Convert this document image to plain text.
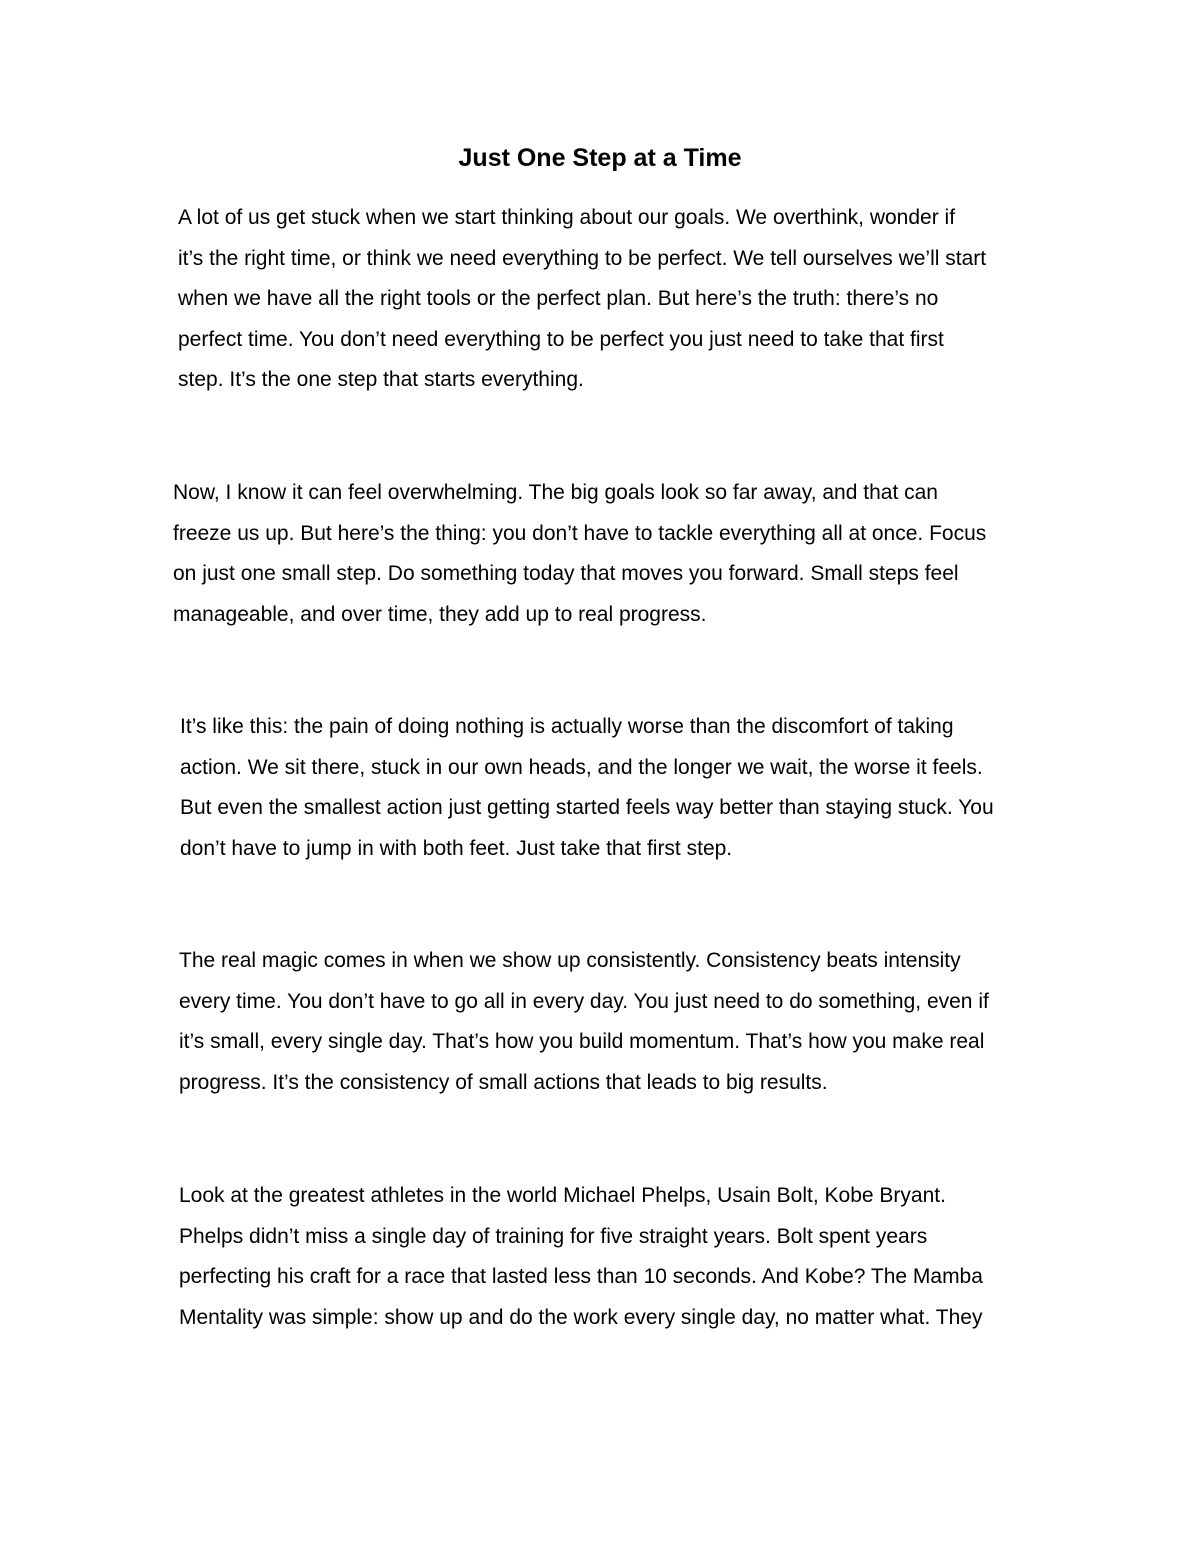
Just One Step at a Time

A lot of us get stuck when we start thinking about our goals. We overthink, wonder if
it’s the right time, or think we need everything to be perfect. We tell ourselves we’ll start
when we have all the right tools or the perfect plan. But here’s the truth: there’s no
perfect time. You don’t need everything to be perfect you just need to take that first
step. It’s the one step that starts everything.

Now, I know it can feel overwhelming. The big goals look so far away, and that can
freeze us up. But here’s the thing: you don’t have to tackle everything all at once. Focus
on just one small step. Do something today that moves you forward. Small steps feel
manageable, and over time, they add up to real progress.

It’s like this: the pain of doing nothing is actually worse than the discomfort of taking
action. We sit there, stuck in our own heads, and the longer we wait, the worse it feels.
But even the smallest action just getting started feels way better than staying stuck. You
don’t have to jump in with both feet. Just take that first step.

The real magic comes in when we show up consistently. Consistency beats intensity
every time. You don’t have to go all in every day. You just need to do something, even if
it’s small, every single day. That’s how you build momentum. That’s how you make real
progress. It’s the consistency of small actions that leads to big results.

Look at the greatest athletes in the world Michael Phelps, Usain Bolt, Kobe Bryant.
Phelps didn’t miss a single day of training for five straight years. Bolt spent years
perfecting his craft for a race that lasted less than 10 seconds. And Kobe? The Mamba
Mentality was simple: show up and do the work every single day, no matter what. They
